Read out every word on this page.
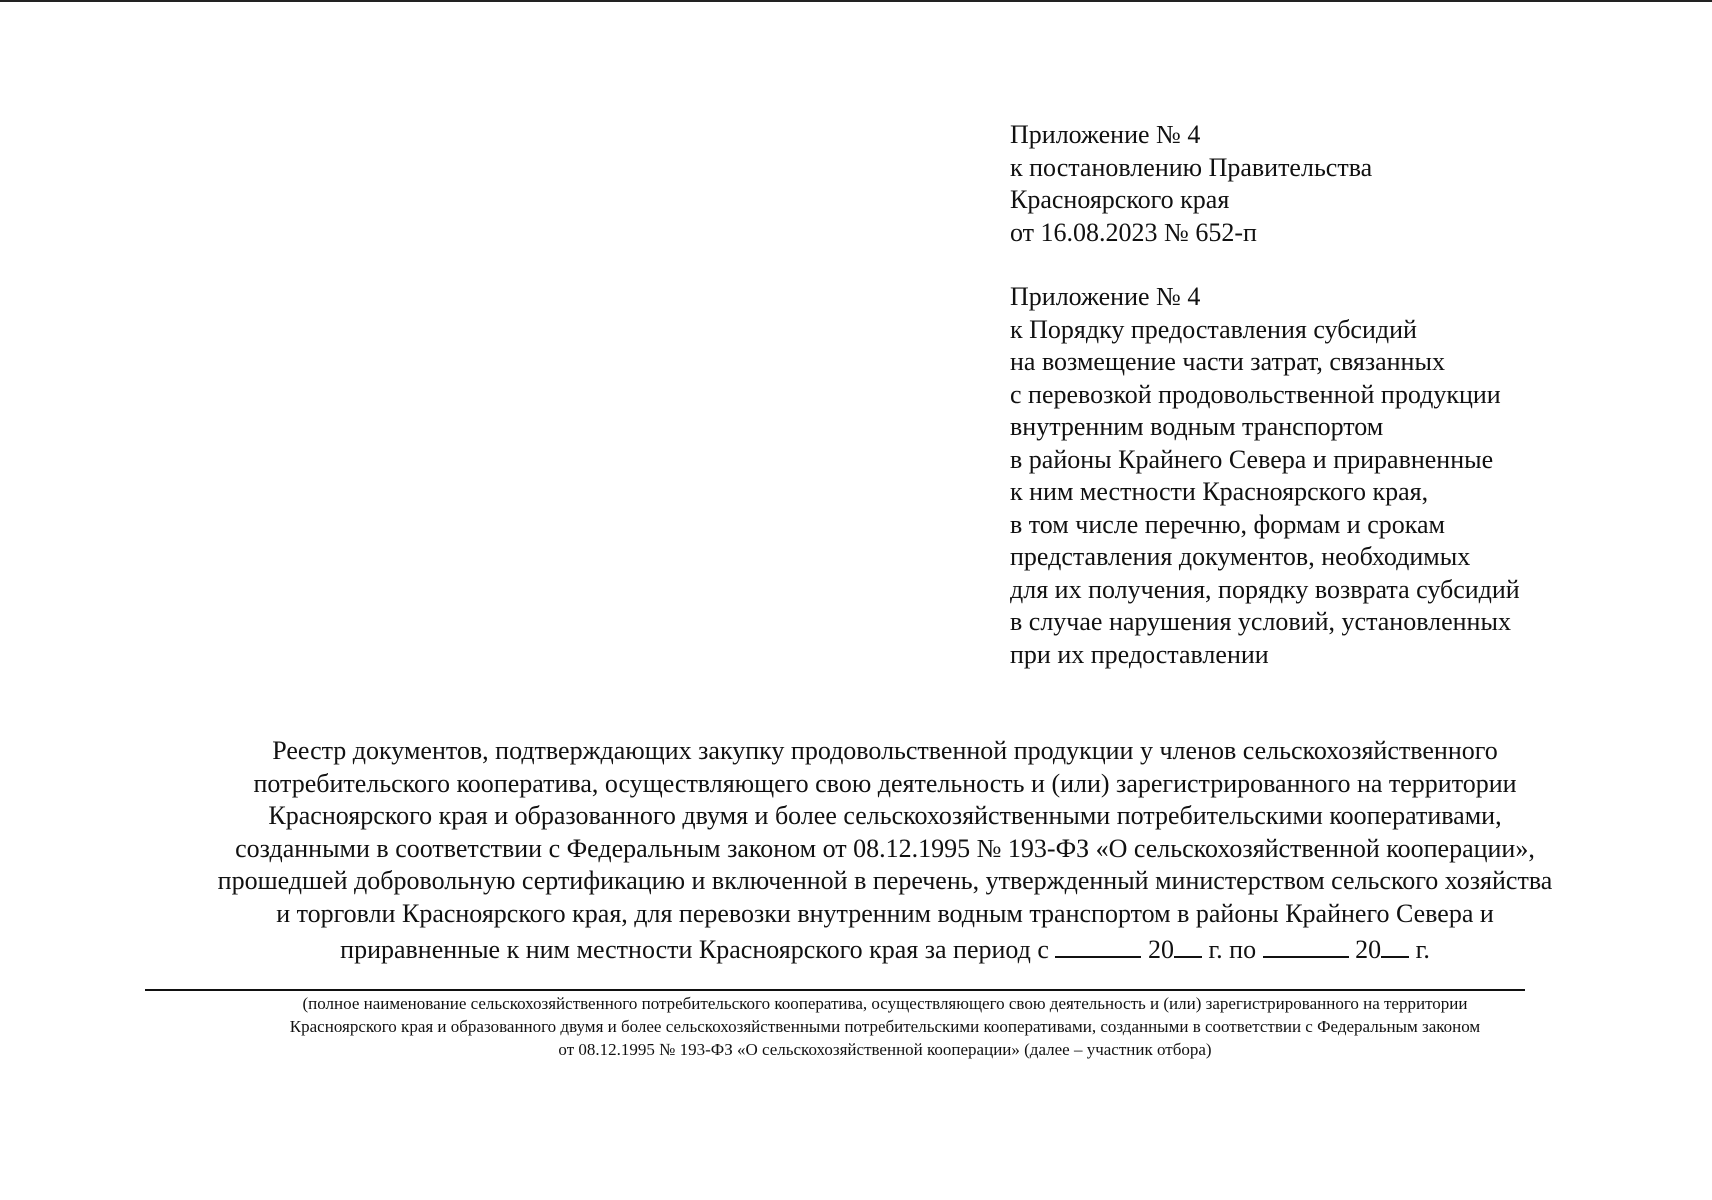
Приложение № 4
к постановлению Правительства
Красноярского края
от 16.08.2023 № 652-п
Приложение № 4
к Порядку предоставления субсидий
на возмещение части затрат, связанных
с перевозкой продовольственной продукции
внутренним водным транспортом
в районы Крайнего Севера и приравненные
к ним местности Красноярского края,
в том числе перечню, формам и срокам
представления документов, необходимых
для их получения, порядку возврата субсидий
в случае нарушения условий, установленных
при их предоставлении
Реестр документов, подтверждающих закупку продовольственной продукции у членов сельскохозяйственного
потребительского кооператива, осуществляющего свою деятельность и (или) зарегистрированного на территории
Красноярского края и образованного двумя и более сельскохозяйственными потребительскими кооперативами,
созданными в соответствии с Федеральным законом от 08.12.1995 № 193-ФЗ «О сельскохозяйственной кооперации»,
прошедшей добровольную сертификацию и включенной в перечень, утвержденный министерством сельского хозяйства
и торговли Красноярского края, для перевозки внутренним водным транспортом в районы Крайнего Севера и
приравненные к ним местности Красноярского края за период с	20 г. по	20 г.
(полное наименование сельскохозяйственного потребительского кооператива, осуществляющего свою деятельность и (или) зарегистрированного на территории
Красноярского края и образованного двумя и более сельскохозяйственными потребительскими кооперативами, созданными в соответствии с Федеральным законом
от 08.12.1995 № 193-ФЗ «О сельскохозяйственной кооперации» (далее – участник отбора)
